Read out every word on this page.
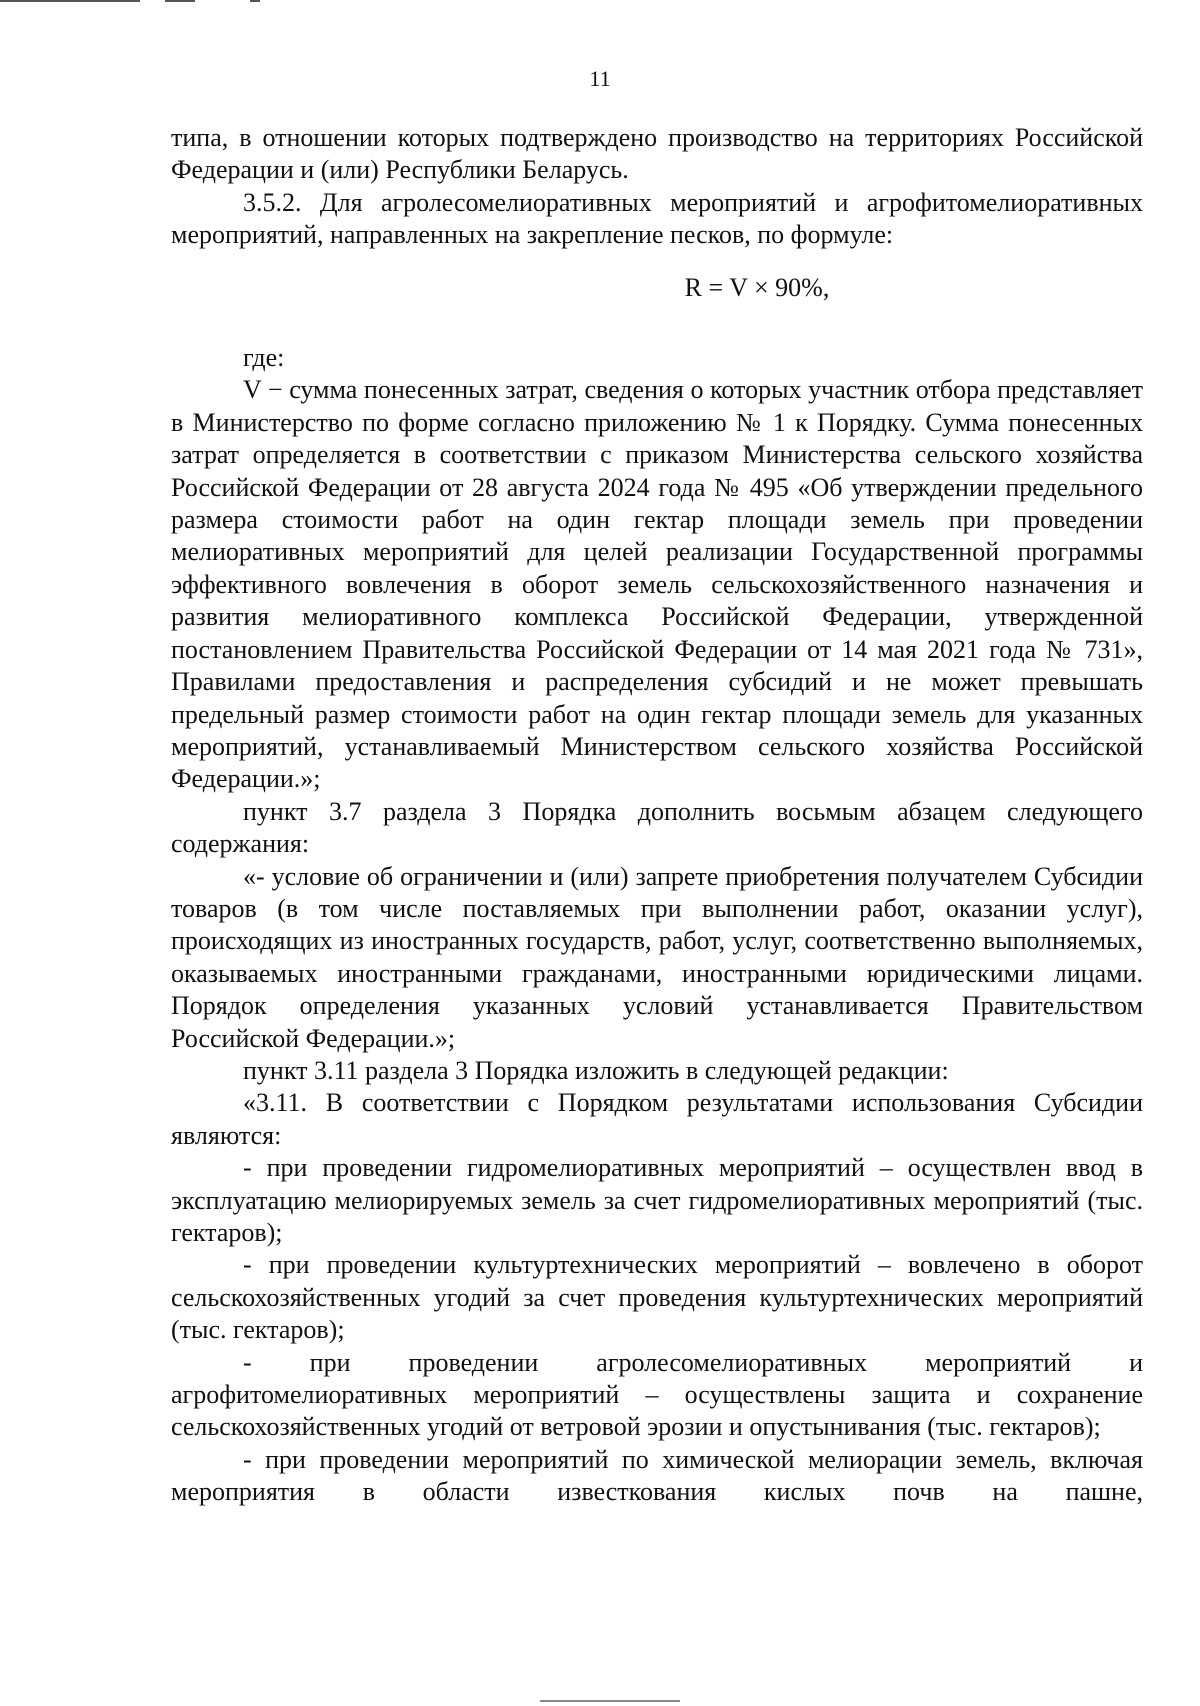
11

типа, в отношении которых подтверждено производство на территориях Российской Федерации и (или) Республики Беларусь.

3.5.2. Для агролесомелиоративных мероприятий и агрофитомелиоративных мероприятий, направленных на закрепление песков, по формуле:

R = V × 90%,

где:

V − сумма понесенных затрат, сведения о которых участник отбора представляет в Министерство по форме согласно приложению № 1 к Порядку. Сумма понесенных затрат определяется в соответствии с приказом Министерства сельского хозяйства Российской Федерации от 28 августа 2024 года № 495 «Об утверждении предельного размера стоимости работ на один гектар площади земель при проведении мелиоративных мероприятий для целей реализации Государственной программы эффективного вовлечения в оборот земель сельскохозяйственного назначения и развития мелиоративного комплекса Российской Федерации, утвержденной постановлением Правительства Российской Федерации от 14 мая 2021 года № 731», Правилами предоставления и распределения субсидий и не может превышать предельный размер стоимости работ на один гектар площади земель для указанных мероприятий, устанавливаемый Министерством сельского хозяйства Российской Федерации.»;

пункт 3.7 раздела 3 Порядка дополнить восьмым абзацем следующего содержания:

«- условие об ограничении и (или) запрете приобретения получателем Субсидии товаров (в том числе поставляемых при выполнении работ, оказании услуг), происходящих из иностранных государств, работ, услуг, соответственно выполняемых, оказываемых иностранными гражданами, иностранными юридическими лицами. Порядок определения указанных условий устанавливается Правительством Российской Федерации.»;

пункт 3.11 раздела 3 Порядка изложить в следующей редакции:

«3.11. В соответствии с Порядком результатами использования Субсидии являются:

- при проведении гидромелиоративных мероприятий – осуществлен ввод в эксплуатацию мелиорируемых земель за счет гидромелиоративных мероприятий (тыс. гектаров);

- при проведении культуртехнических мероприятий – вовлечено в оборот сельскохозяйственных угодий за счет проведения культуртехнических мероприятий (тыс. гектаров);

- при проведении агролесомелиоративных мероприятий и агрофитомелиоративных мероприятий – осуществлены защита и сохранение сельскохозяйственных угодий от ветровой эрозии и опустынивания (тыс. гектаров);

- при проведении мероприятий по химической мелиорации земель, включая мероприятия в области известкования кислых почв на пашне,
